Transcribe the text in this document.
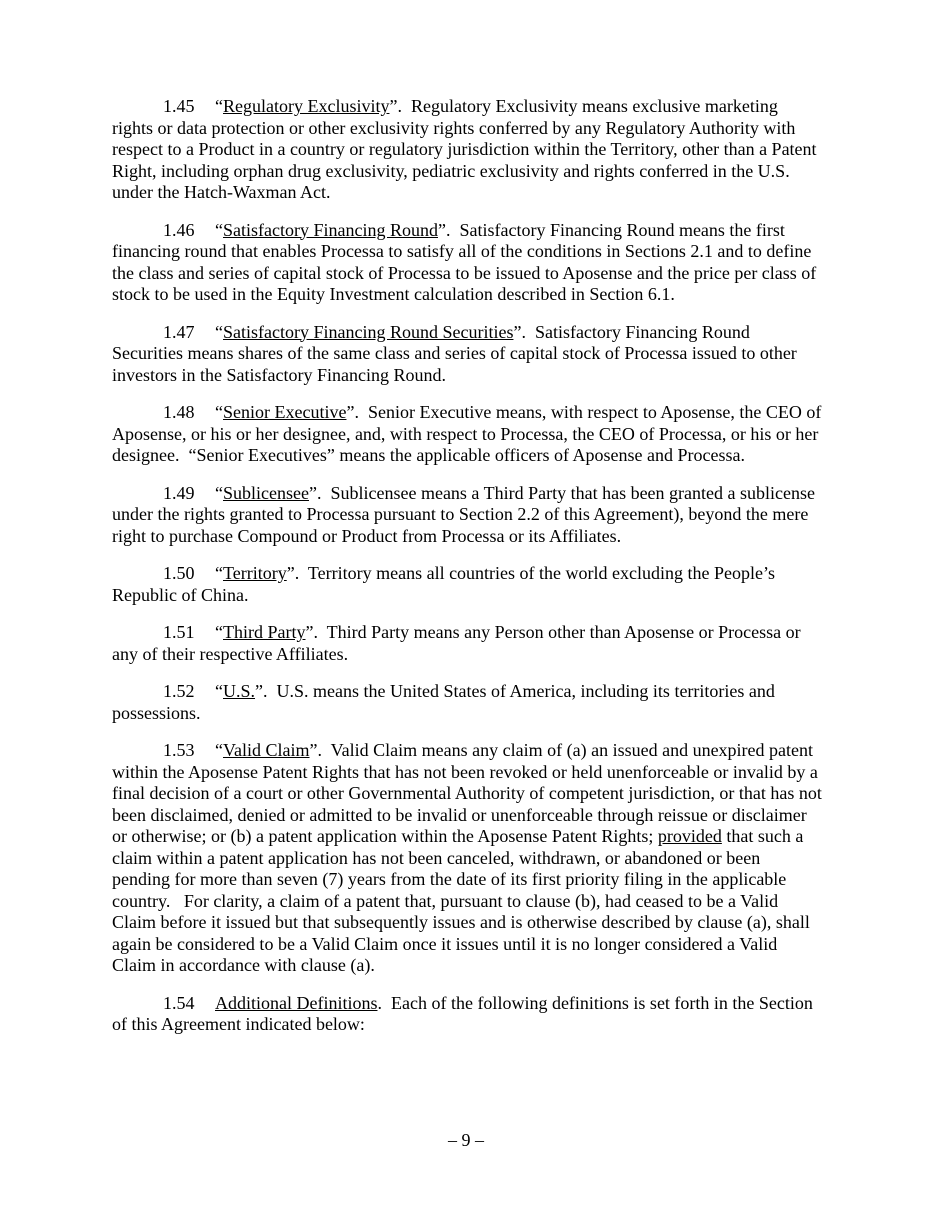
1.45 “Regulatory Exclusivity”.  Regulatory Exclusivity means exclusive marketing rights or data protection or other exclusivity rights conferred by any Regulatory Authority with respect to a Product in a country or regulatory jurisdiction within the Territory, other than a Patent Right, including orphan drug exclusivity, pediatric exclusivity and rights conferred in the U.S. under the Hatch-Waxman Act.

1.46 “Satisfactory Financing Round”.  Satisfactory Financing Round means the first financing round that enables Processa to satisfy all of the conditions in Sections 2.1 and to define the class and series of capital stock of Processa to be issued to Aposense and the price per class of stock to be used in the Equity Investment calculation described in Section 6.1.

1.47 “Satisfactory Financing Round Securities”.  Satisfactory Financing Round Securities means shares of the same class and series of capital stock of Processa issued to other investors in the Satisfactory Financing Round.

1.48 “Senior Executive”.  Senior Executive means, with respect to Aposense, the CEO of Aposense, or his or her designee, and, with respect to Processa, the CEO of Processa, or his or her designee.  “Senior Executives” means the applicable officers of Aposense and Processa.

1.49 “Sublicensee”.  Sublicensee means a Third Party that has been granted a sublicense under the rights granted to Processa pursuant to Section 2.2 of this Agreement), beyond the mere right to purchase Compound or Product from Processa or its Affiliates.

1.50 “Territory”.  Territory means all countries of the world excluding the People’s Republic of China.

1.51 “Third Party”.  Third Party means any Person other than Aposense or Processa or any of their respective Affiliates.

1.52 “U.S.”.  U.S. means the United States of America, including its territories and possessions.

1.53 “Valid Claim”.  Valid Claim means any claim of (a) an issued and unexpired patent within the Aposense Patent Rights that has not been revoked or held unenforceable or invalid by a final decision of a court or other Governmental Authority of competent jurisdiction, or that has not been disclaimed, denied or admitted to be invalid or unenforceable through reissue or disclaimer or otherwise; or (b) a patent application within the Aposense Patent Rights; provided that such a claim within a patent application has not been canceled, withdrawn, or abandoned or been pending for more than seven (7) years from the date of its first priority filing in the applicable country.   For clarity, a claim of a patent that, pursuant to clause (b), had ceased to be a Valid Claim before it issued but that subsequently issues and is otherwise described by clause (a), shall again be considered to be a Valid Claim once it issues until it is no longer considered a Valid Claim in accordance with clause (a).

1.54 Additional Definitions.  Each of the following definitions is set forth in the Section of this Agreement indicated below:

– 9 –
